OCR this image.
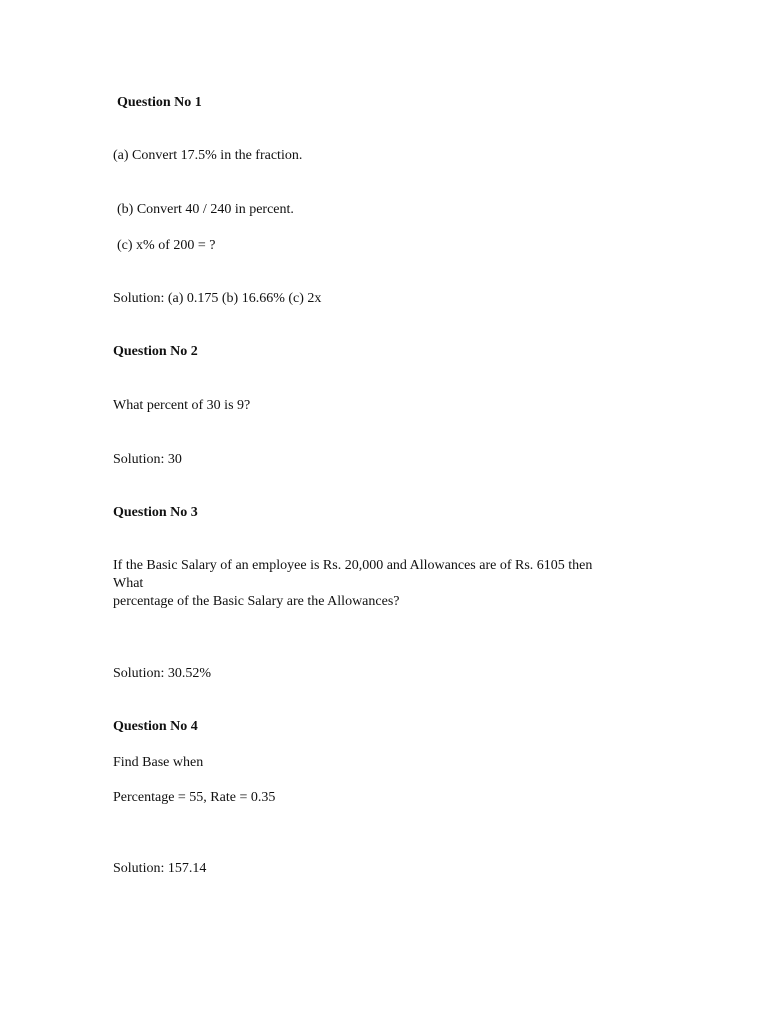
Question No 1
(a) Convert 17.5% in the fraction.
(b) Convert 40 / 240 in percent.
(c) x% of 200 = ?
Solution: (a) 0.175 (b) 16.66% (c) 2x
Question No 2
What percent of 30 is 9?
Solution: 30
Question No 3
If the Basic Salary of an employee is Rs. 20,000 and Allowances are of Rs. 6105 then
What
percentage of the Basic Salary are the Allowances?
Solution: 30.52%
Question No 4
Find Base when
Percentage = 55, Rate = 0.35
Solution: 157.14
